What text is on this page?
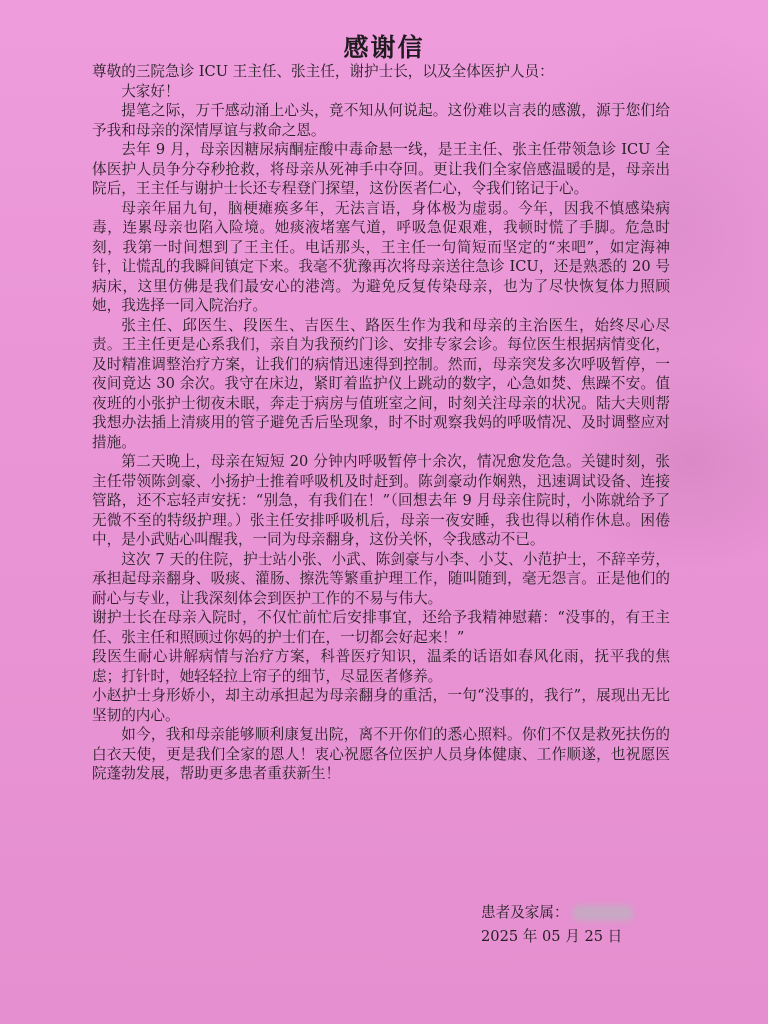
感谢信

尊敬的三院急诊 ICU 王主任、张主任，谢护士长，以及全体医护人员：

大家好！

提笔之际，万千感动涌上心头，竟不知从何说起。这份难以言表的感激，源于您们给予我和母亲的深情厚谊与救命之恩。

去年 9 月，母亲因糖尿病酮症酸中毒命悬一线，是王主任、张主任带领急诊 ICU 全体医护人员争分夺秒抢救，将母亲从死神手中夺回。更让我们全家倍感温暖的是，母亲出院后，王主任与谢护士长还专程登门探望，这份医者仁心，令我们铭记于心。

母亲年届九旬，脑梗瘫痪多年，无法言语，身体极为虚弱。今年，因我不慎感染病毒，连累母亲也陷入险境。她痰液堵塞气道，呼吸急促艰难，我顿时慌了手脚。危急时刻，我第一时间想到了王主任。电话那头，王主任一句简短而坚定的“来吧”，如定海神针，让慌乱的我瞬间镇定下来。我毫不犹豫再次将母亲送往急诊 ICU，还是熟悉的 20 号病床，这里仿佛是我们最安心的港湾。为避免反复传染母亲，也为了尽快恢复体力照顾她，我选择一同入院治疗。

张主任、邱医生、段医生、吉医生、路医生作为我和母亲的主治医生，始终尽心尽责。王主任更是心系我们，亲自为我预约门诊、安排专家会诊。每位医生根据病情变化，及时精准调整治疗方案，让我们的病情迅速得到控制。然而，母亲突发多次呼吸暂停，一夜间竟达 30 余次。我守在床边，紧盯着监护仪上跳动的数字，心急如焚、焦躁不安。值夜班的小张护士彻夜未眠，奔走于病房与值班室之间，时刻关注母亲的状况。陆大夫则帮我想办法插上清痰用的管子避免舌后坠现象，时不时观察我妈的呼吸情况、及时调整应对措施。

第二天晚上，母亲在短短 20 分钟内呼吸暂停十余次，情况愈发危急。关键时刻，张主任带领陈剑豪、小扬护士推着呼吸机及时赶到。陈剑豪动作娴熟，迅速调试设备、连接管路，还不忘轻声安抚：“别急，有我们在！”（回想去年 9 月母亲住院时，小陈就给予了无微不至的特级护理。）张主任安排呼吸机后，母亲一夜安睡，我也得以稍作休息。困倦中，是小武贴心叫醒我，一同为母亲翻身，这份关怀，令我感动不已。

这次 7 天的住院，护士站小张、小武、陈剑豪与小李、小艾、小范护士，不辞辛劳，承担起母亲翻身、吸痰、灌肠、擦洗等繁重护理工作，随叫随到，毫无怨言。正是他们的耐心与专业，让我深刻体会到医护工作的不易与伟大。

谢护士长在母亲入院时，不仅忙前忙后安排事宜，还给予我精神慰藉：“没事的，有王主任、张主任和照顾过你妈的护士们在，一切都会好起来！”

段医生耐心讲解病情与治疗方案，科普医疗知识，温柔的话语如春风化雨，抚平我的焦虑；打针时，她轻轻拉上帘子的细节，尽显医者修养。

小赵护士身形娇小，却主动承担起为母亲翻身的重活，一句“没事的，我行”，展现出无比坚韧的内心。

如今，我和母亲能够顺利康复出院，离不开你们的悉心照料。你们不仅是救死扶伤的白衣天使，更是我们全家的恩人！衷心祝愿各位医护人员身体健康、工作顺遂，也祝愿医院蓬勃发展，帮助更多患者重获新生！

患者及家属：
2025 年 05 月 25 日
